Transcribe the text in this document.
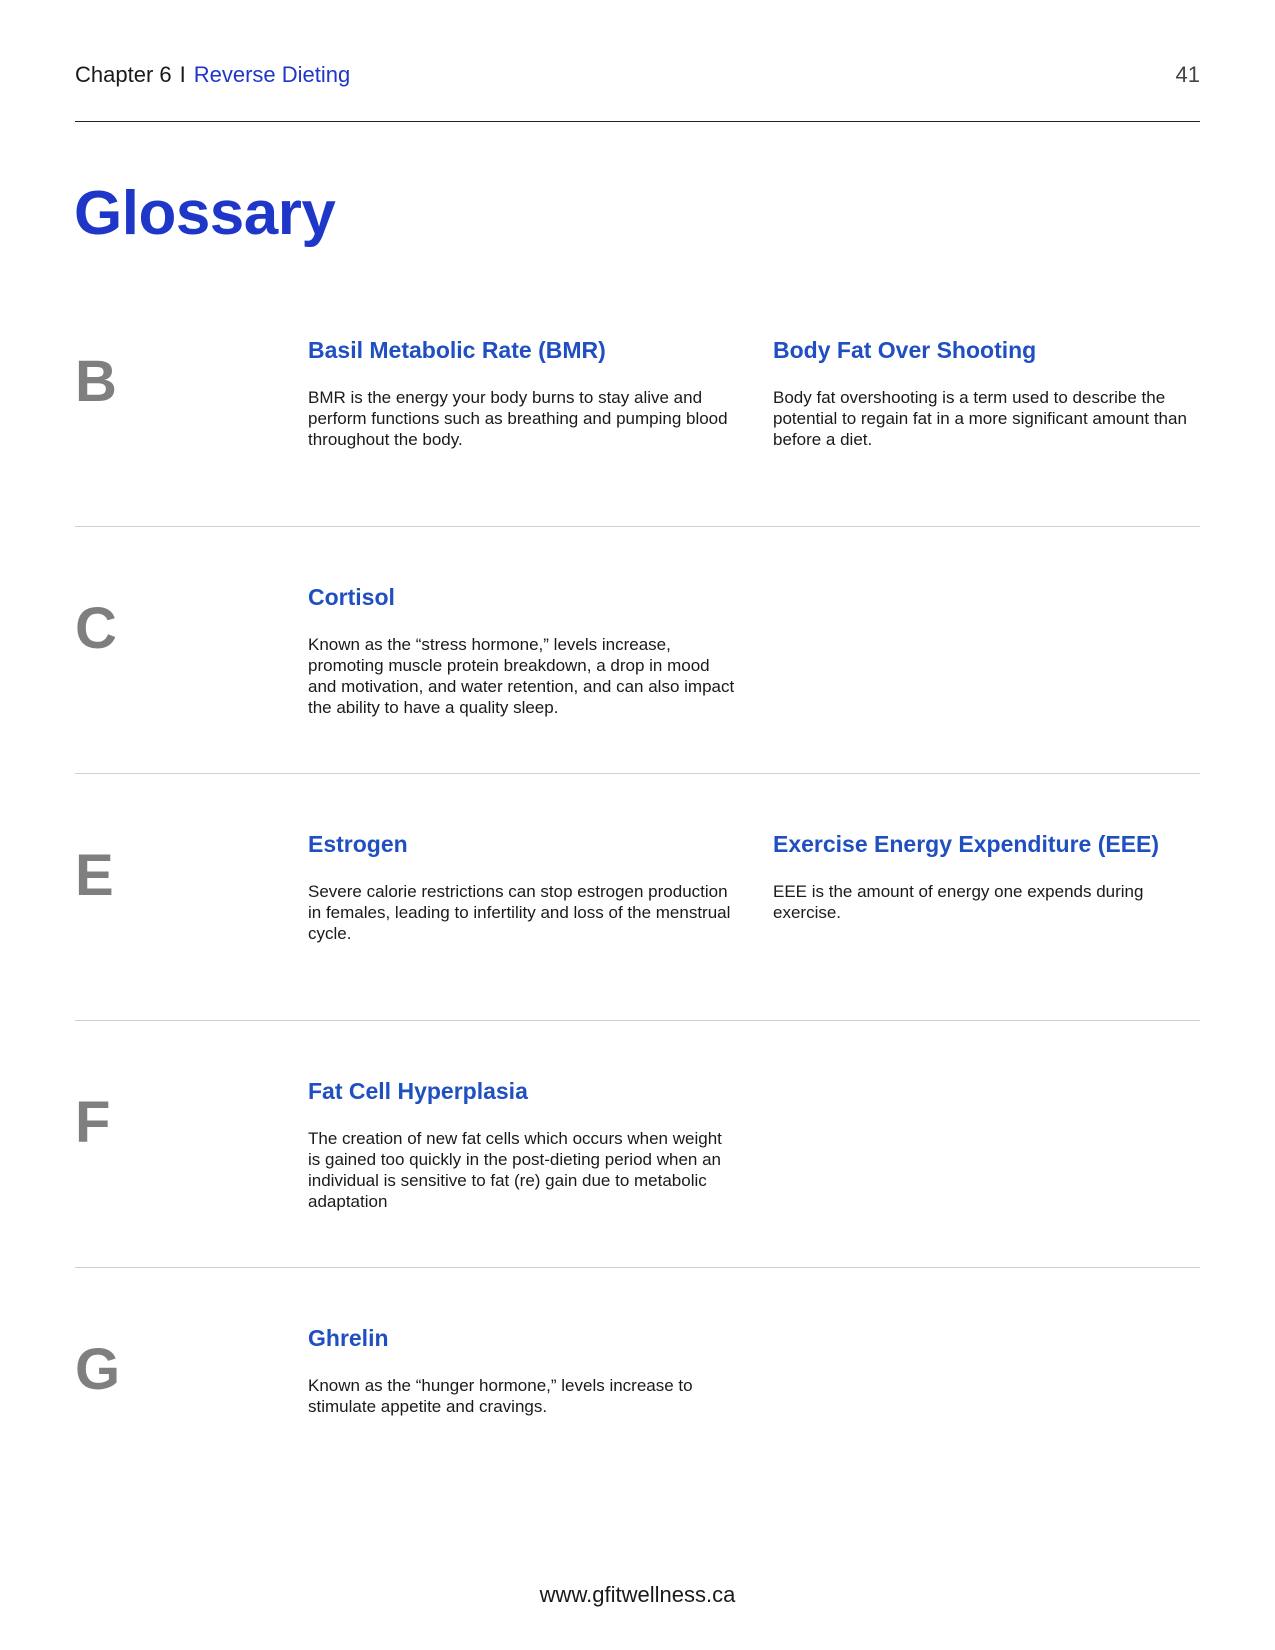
Chapter 6 I Reverse Dieting	41
Glossary
B	Basil Metabolic Rate (BMR)

BMR is the energy your body burns to stay alive and perform functions such as breathing and pumping blood throughout the body.

Body Fat Over Shooting

Body fat overshooting is a term used to describe the potential to regain fat in a more significant amount than before a diet.

C	Cortisol

Known as the “stress hormone,” levels increase, promoting muscle protein breakdown, a drop in mood and motivation, and water retention, and can also impact the ability to have a quality sleep.

E	Estrogen

Severe calorie restrictions can stop estrogen production in females, leading to infertility and loss of the menstrual cycle.

Exercise Energy Expenditure (EEE)

EEE is the amount of energy one expends during exercise.

F	Fat Cell Hyperplasia

The creation of new fat cells which occurs when weight is gained too quickly in the post-dieting period when an individual is sensitive to fat (re) gain due to metabolic adaptation

G	Ghrelin

Known as the “hunger hormone,” levels increase to stimulate appetite and cravings.

www.gfitwellness.ca
